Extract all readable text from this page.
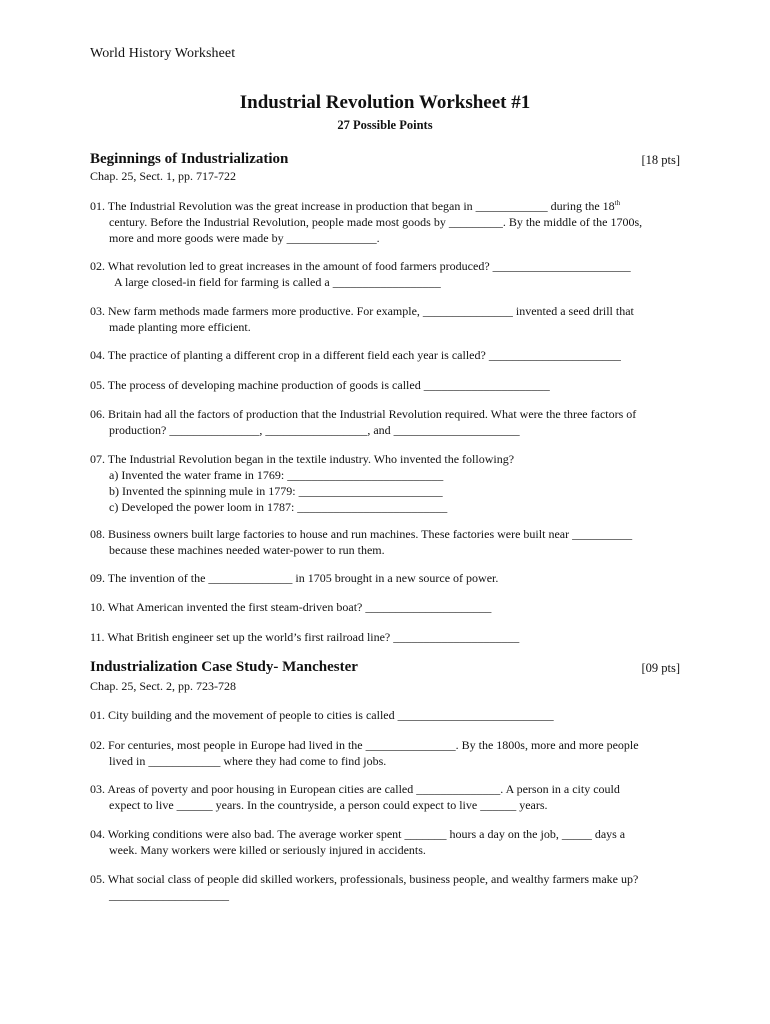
World History Worksheet
Industrial Revolution Worksheet #1
27 Possible Points
Beginnings of Industrialization	[18 pts]
Chap. 25, Sect. 1, pp. 717-722
01. The Industrial Revolution was the great increase in production that began in ____________ during the 18th
century. Before the Industrial Revolution, people made most goods by _________. By the middle of the 1700s,
more and more goods were made by _______________.
02. What revolution led to great increases in the amount of food farmers produced? _______________________
A large closed-in field for farming is called a __________________
03. New farm methods made farmers more productive. For example, _______________ invented a seed drill that
made planting more efficient.
04. The practice of planting a different crop in a different field each year is called? ______________________
05. The process of developing machine production of goods is called _____________________
06. Britain had all the factors of production that the Industrial Revolution required. What were the three factors of
production? _______________, _________________, and _____________________
07. The Industrial Revolution began in the textile industry. Who invented the following?
a) Invented the water frame in 1769: __________________________
b) Invented the spinning mule in 1779: ________________________
c) Developed the power loom in 1787: _________________________
08. Business owners built large factories to house and run machines. These factories were built near __________
because these machines needed water-power to run them.
09. The invention of the ______________ in 1705 brought in a new source of power.
10. What American invented the first steam-driven boat? _____________________
11. What British engineer set up the world’s first railroad line? _____________________
Industrialization Case Study- Manchester	[09 pts]
Chap. 25, Sect. 2, pp. 723-728
01. City building and the movement of people to cities is called __________________________
02. For centuries, most people in Europe had lived in the _______________. By the 1800s, more and more people
lived in ____________ where they had come to find jobs.
03. Areas of poverty and poor housing in European cities are called ______________. A person in a city could
expect to live ______ years. In the countryside, a person could expect to live ______ years.
04. Working conditions were also bad. The average worker spent _______ hours a day on the job, _____ days a
week. Many workers were killed or seriously injured in accidents.
05. What social class of people did skilled workers, professionals, business people, and wealthy farmers make up?
____________________
